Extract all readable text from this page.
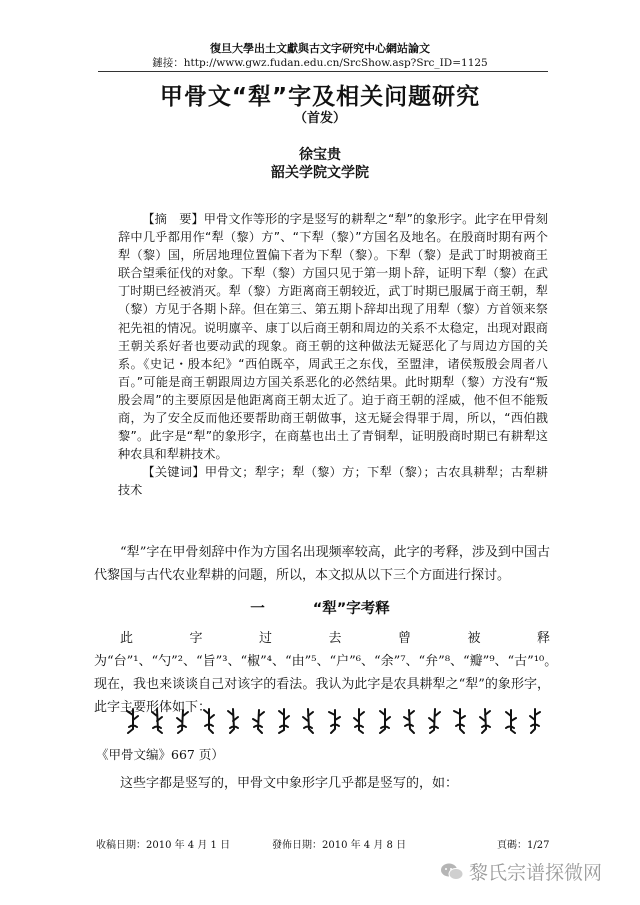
復旦大學出土文獻與古文字研究中心網站論文
鏈接：http://www.gwz.fudan.edu.cn/SrcShow.asp?Src_ID=1125
甲骨文“犁”字及相关问题研究
（首发）
徐宝贵
韶关学院文学院

【摘　要】甲骨文作等形的字是竖写的耕犁之“犁”的象形字。此字在甲骨刻辞中几乎都用作“犁（黎）方”、“下犁（黎）”方国名及地名。在殷商时期有两个犁（黎）国，所居地理位置偏下者为下犁（黎）。下犁（黎）是武丁时期被商王联合望乘征伐的对象。下犁（黎）方国只见于第一期卜辞，证明下犁（黎）在武丁时期已经被消灭。犁（黎）方距离商王朝较近，武丁时期已服属于商王朝，犁（黎）方见于各期卜辞。但在第三、第五期卜辞却出现了用犁（黎）方首领来祭祀先祖的情况。说明廪辛、康丁以后商王朝和周边的关系不太稳定，出现对跟商王朝关系好者也要动武的现象。商王朝的这种做法无疑恶化了与周边方国的关系。《史记・殷本纪》“西伯既卒，周武王之东伐，至盟津，诸侯叛殷会周者八百。”可能是商王朝跟周边方国关系恶化的必然结果。此时期犁（黎）方没有“叛殷会周”的主要原因是他距离商王朝太近了。迫于商王朝的淫威，他不但不能叛商，为了安全反而他还要帮助商王朝做事，这无疑会得罪于周，所以，“西伯戡黎”。此字是“犁”的象形字，在商墓也出土了青铜犁，证明殷商时期已有耕犁这种农具和犁耕技术。

【关键词】甲骨文；犁字；犁（黎）方；下犁（黎）；古农具耕犁；古犁耕技术

“犁”字在甲骨刻辞中作为方国名出现频率较高，此字的考释，涉及到中国古代黎国与古代农业犁耕的问题，所以，本文拟从以下三个方面进行探讨。

一	“犁”字考释

此字过去曾被释为“台”¹、“勺”²、“旨”³、“椒”⁴、“由”⁵、“户”⁶、“余”⁷、“弁”⁸、“瓣”⁹、“古”¹⁰。现在，我也来谈谈自己对该字的看法。我认为此字是农具耕犁之“犁”的象形字，此字主要形体如下：

《甲骨文编》667 页）

这些字都是竖写的，甲骨文中象形字几乎都是竖写的，如：

收稿日期：2010 年 4 月 1 日	發佈日期：2010 年 4 月 8 日	頁碼：1/27
黎氏宗谱探微网
